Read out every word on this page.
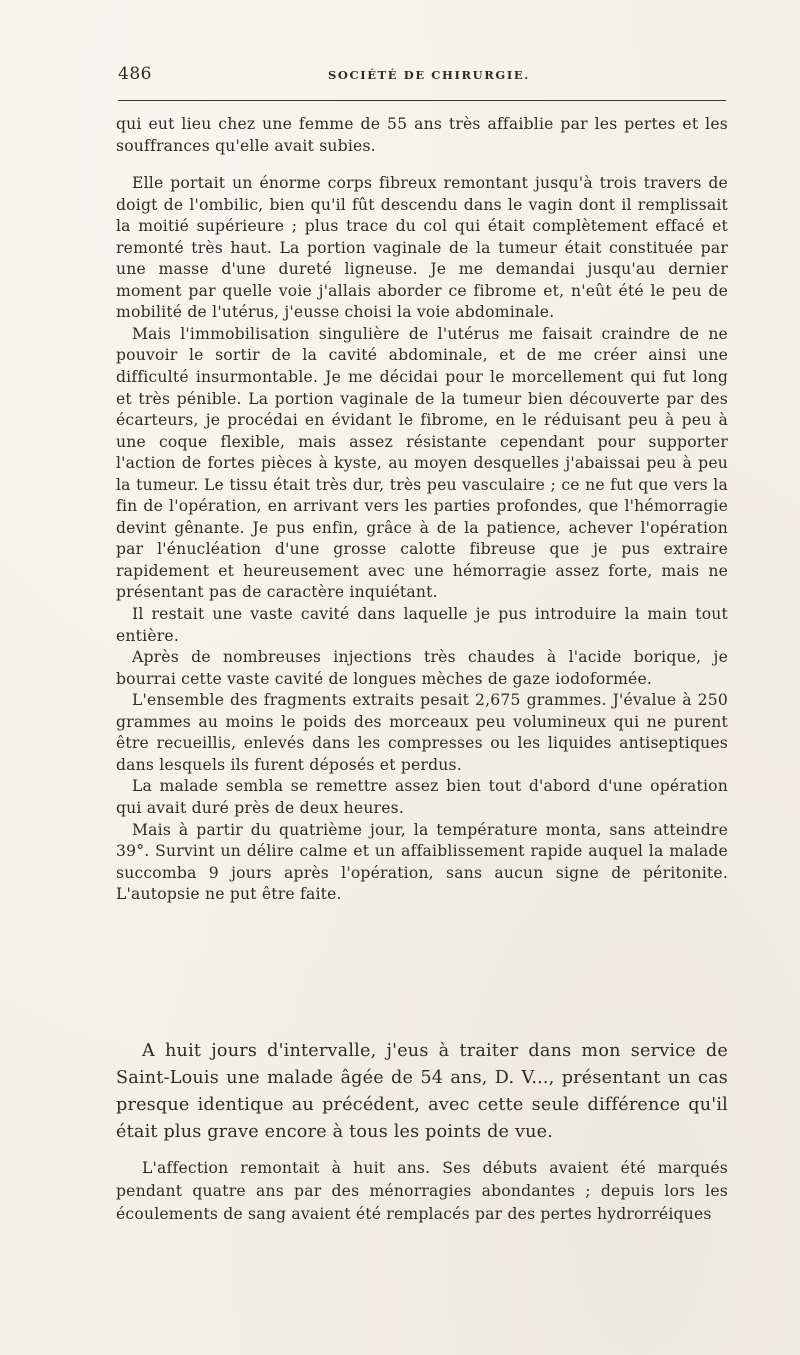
486	SOCIÉTÉ DE CHIRURGIE.

qui eut lieu chez une femme de 55 ans très affaiblie par les pertes et les souffrances qu'elle avait subies.

Elle portait un énorme corps fibreux remontant jusqu'à trois travers de doigt de l'ombilic, bien qu'il fût descendu dans le vagin dont il remplissait la moitié supérieure ; plus trace du col qui était complètement effacé et remonté très haut. La portion vaginale de la tumeur était constituée par une masse d'une dureté ligneuse. Je me demandai jusqu'au dernier moment par quelle voie j'allais aborder ce fibrome et, n'eût été le peu de mobilité de l'utérus, j'eusse choisi la voie abdominale.

Mais l'immobilisation singulière de l'utérus me faisait craindre de ne pouvoir le sortir de la cavité abdominale, et de me créer ainsi une difficulté insurmontable. Je me décidai pour le morcellement qui fut long et très pénible. La portion vaginale de la tumeur bien découverte par des écarteurs, je procédai en évidant le fibrome, en le réduisant peu à peu à une coque flexible, mais assez résistante cependant pour supporter l'action de fortes pièces à kyste, au moyen desquelles j'abaissai peu à peu la tumeur. Le tissu était très dur, très peu vasculaire ; ce ne fut que vers la fin de l'opération, en arrivant vers les parties profondes, que l'hémorragie devint gênante. Je pus enfin, grâce à de la patience, achever l'opération par l'énucléation d'une grosse calotte fibreuse que je pus extraire rapidement et heureusement avec une hémorragie assez forte, mais ne présentant pas de caractère inquiétant.

Il restait une vaste cavité dans laquelle je pus introduire la main tout entière.

Après de nombreuses injections très chaudes à l'acide borique, je bourrai cette vaste cavité de longues mèches de gaze iodoformée.

L'ensemble des fragments extraits pesait 2,675 grammes. J'évalue à 250 grammes au moins le poids des morceaux peu volumineux qui ne purent être recueillis, enlevés dans les compresses ou les liquides antiseptiques dans lesquels ils furent déposés et perdus.

La malade sembla se remettre assez bien tout d'abord d'une opération qui avait duré près de deux heures.

Mais à partir du quatrième jour, la température monta, sans atteindre 39°. Survint un délire calme et un affaiblissement rapide auquel la malade succomba 9 jours après l'opération, sans aucun signe de péritonite. L'autopsie ne put être faite.

A huit jours d'intervalle, j'eus à traiter dans mon service de Saint-Louis une malade âgée de 54 ans, D. V..., présentant un cas presque identique au précédent, avec cette seule différence qu'il était plus grave encore à tous les points de vue.

L'affection remontait à huit ans. Ses débuts avaient été marqués pendant quatre ans par des ménorragies abondantes ; depuis lors les écoulements de sang avaient été remplacés par des pertes hydrorréiques
